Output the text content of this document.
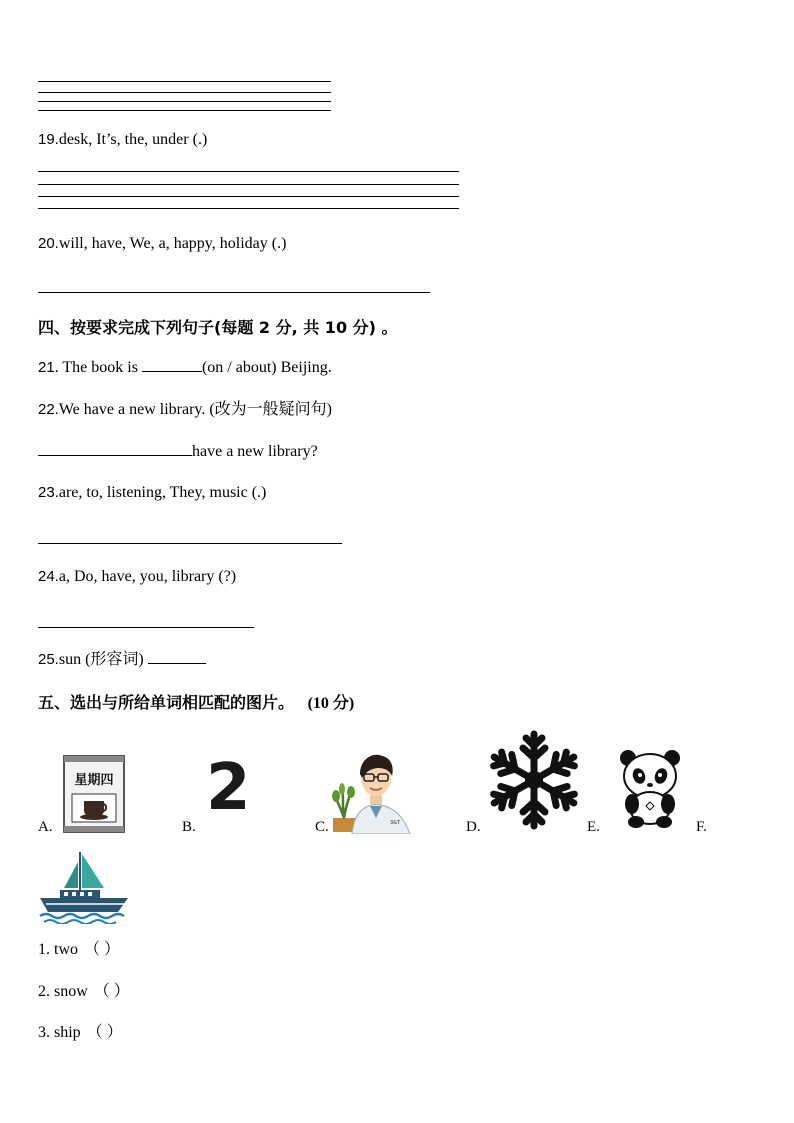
19.desk, It’s, the, under (.)
20.will, have, We, a, happy, holiday (.)
四、按要求完成下列句子(每题 2 分, 共 10 分) 。
21. The book is	(on / about) Beijing.
22.We have a new library. (改为一般疑问句)
have a new library?
23.are, to, listening, They, music (.)
24.a, Do, have, you, library (?)
25.sun (形容词)
五、选出与所给单词相匹配的图片。 (10 分)
星期四
A.	B.
2	3&T
C.	D.	E.	F.
1. two （ ）
2. snow （ ）
3. ship （ ）
